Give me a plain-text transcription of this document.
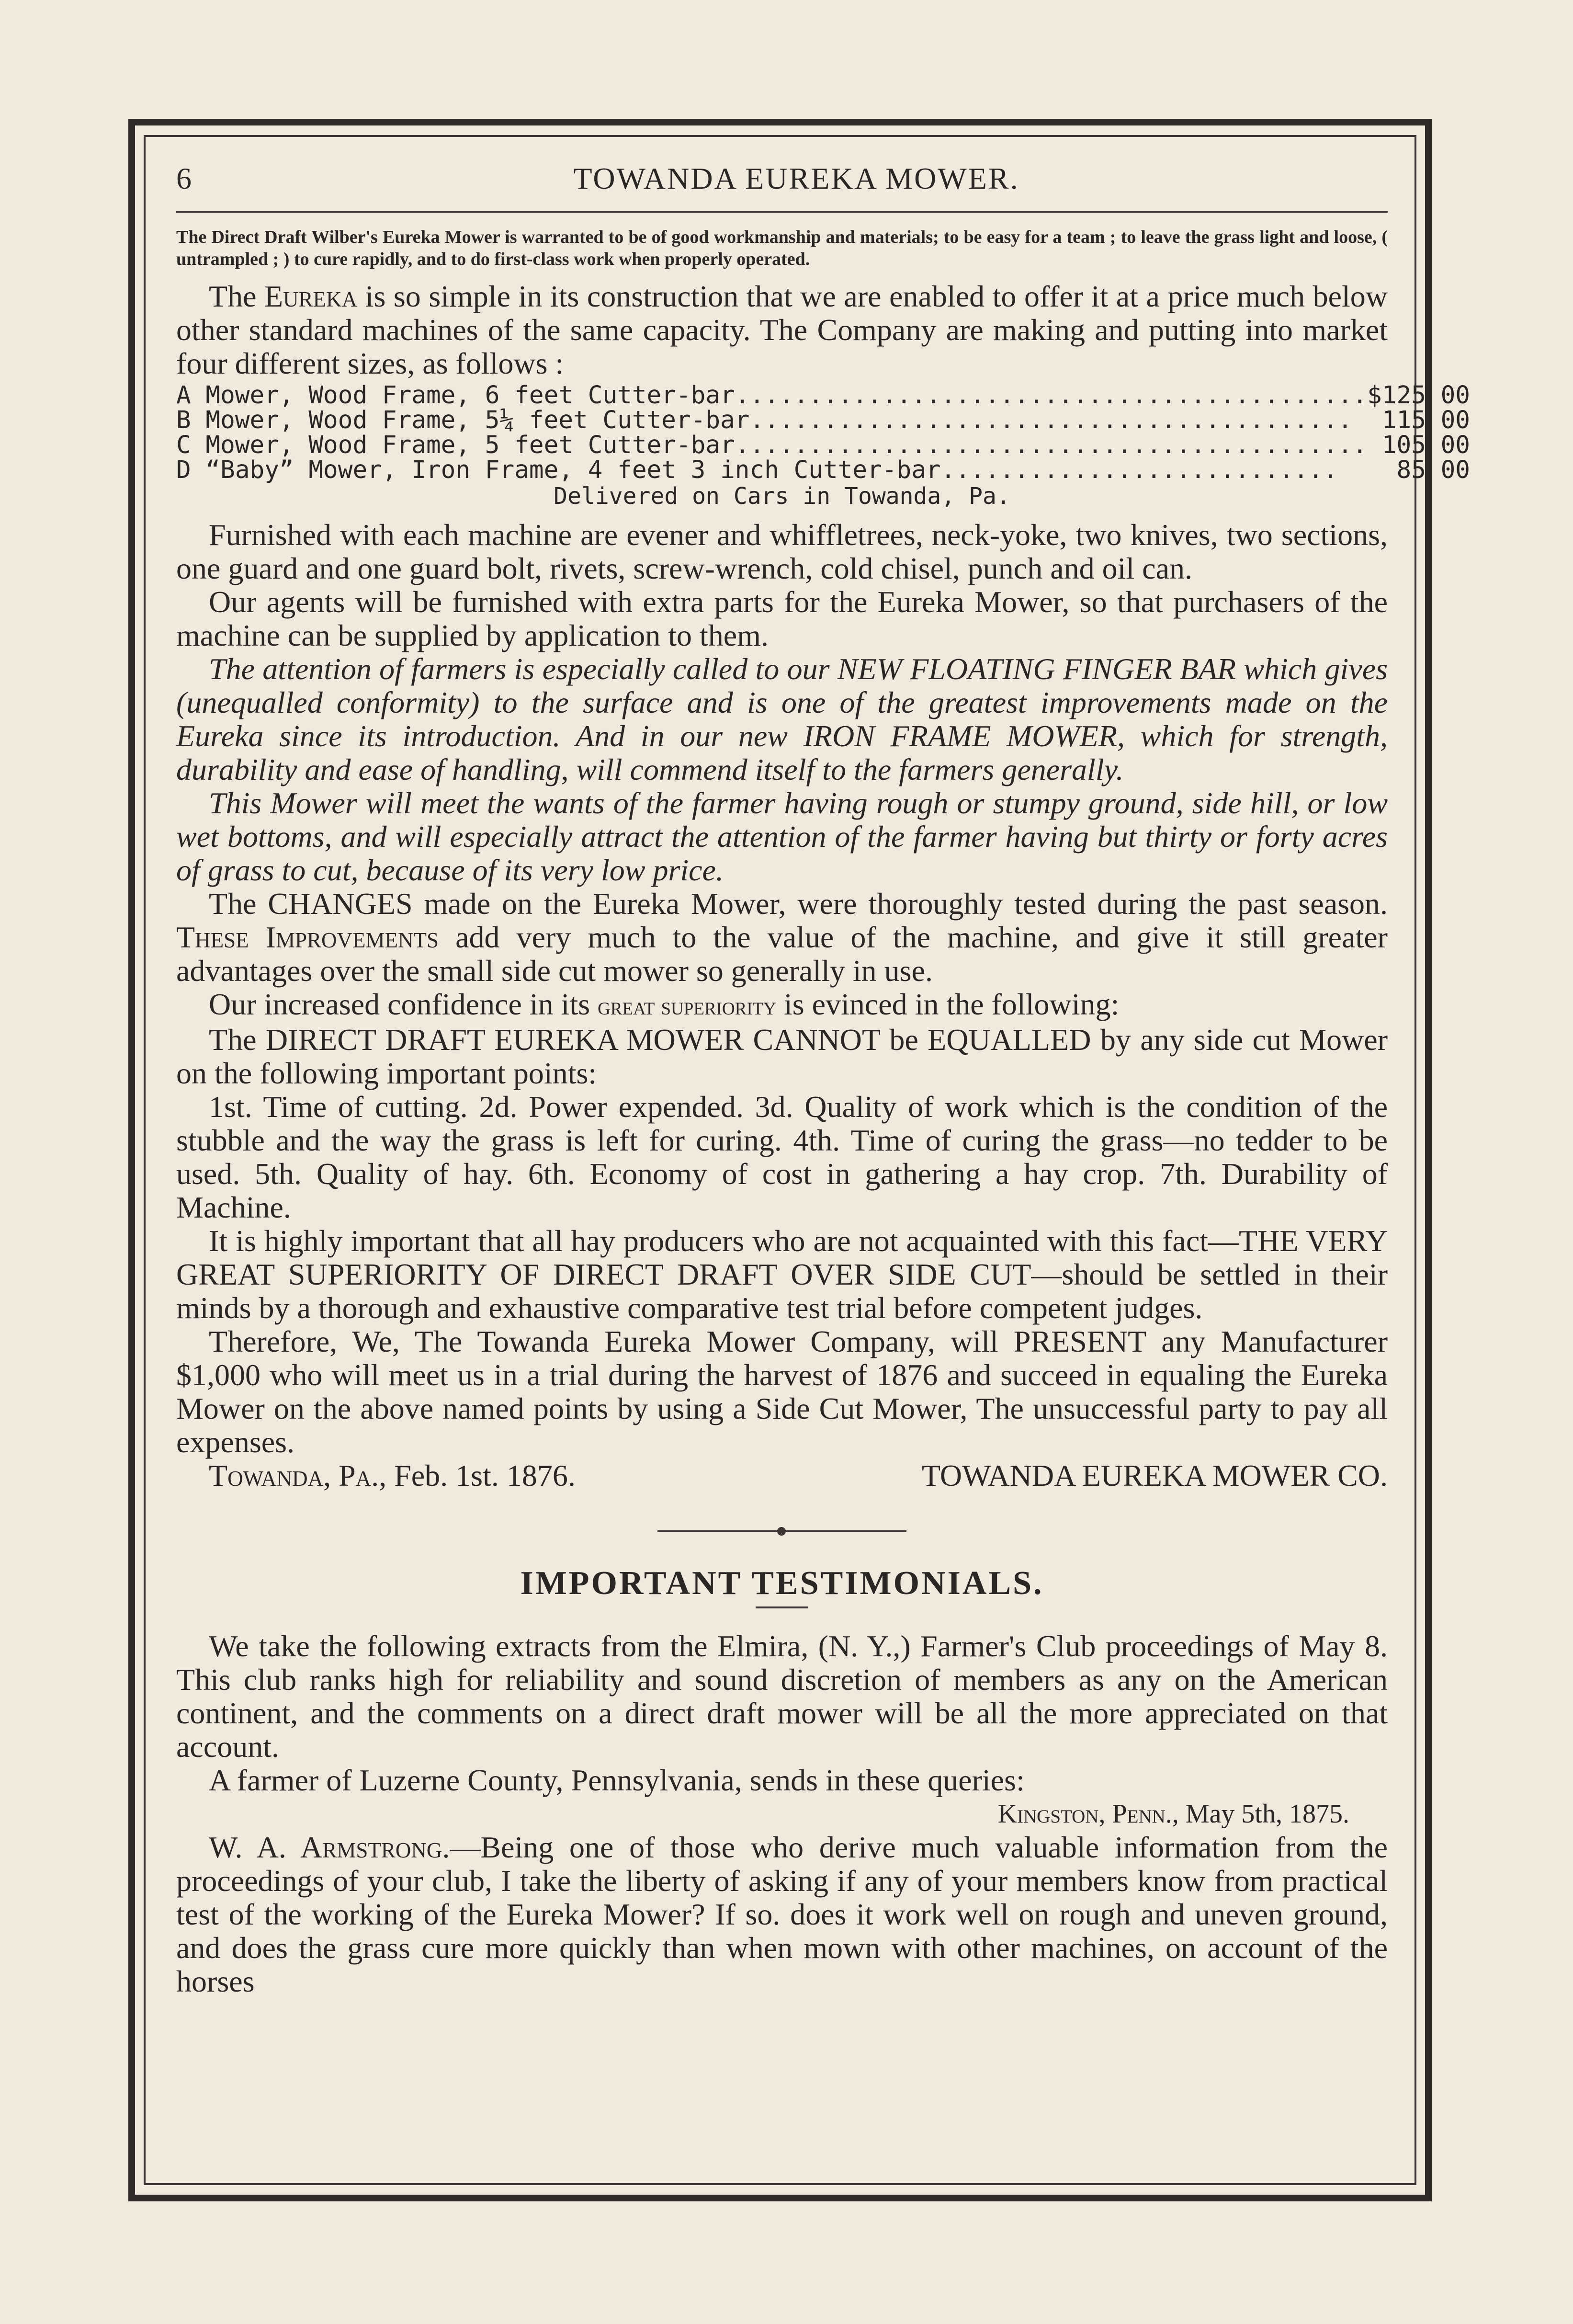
6	TOWANDA EUREKA MOWER.
The Direct Draft Wilber's Eureka Mower is warranted to be of good workmanship and materials; to be easy for a team ; to leave the grass light and loose, ( untrampled ; ) to cure rapidly, and to do first-class work when properly operated.

The Eureka is so simple in its construction that we are enabled to offer it at a price much below other standard machines of the same capacity. The Company are making and putting into market four different sizes, as follows :

A Mower, Wood Frame, 6 feet Cutter-bar...........................................	$125 00
B Mower, Wood Frame, 5¼ feet Cutter-bar.........................................	115 00
C Mower, Wood Frame, 5 feet Cutter-bar...........................................	105 00
D “Baby” Mower, Iron Frame, 4 feet 3 inch Cutter-bar...........................	85 00
Delivered on Cars in Towanda, Pa.

Furnished with each machine are evener and whiffletrees, neck-yoke, two knives, two sections, one guard and one guard bolt, rivets, screw-wrench, cold chisel, punch and oil can.

Our agents will be furnished with extra parts for the Eureka Mower, so that purchasers of the machine can be supplied by application to them.

The attention of farmers is especially called to our NEW FLOATING FINGER BAR which gives (unequalled conformity) to the surface and is one of the greatest improvements made on the Eureka since its introduction. And in our new IRON FRAME MOWER, which for strength, durability and ease of handling, will commend itself to the farmers generally.

This Mower will meet the wants of the farmer having rough or stumpy ground, side hill, or low wet bottoms, and will especially attract the attention of the farmer having but thirty or forty acres of grass to cut, because of its very low price.

The CHANGES made on the Eureka Mower, were thoroughly tested during the past season. These Improvements add very much to the value of the machine, and give it still greater advantages over the small side cut mower so generally in use.

Our increased confidence in its great superiority is evinced in the following:

The DIRECT DRAFT EUREKA MOWER CANNOT be EQUALLED by any side cut Mower on the following important points:

1st. Time of cutting. 2d. Power expended. 3d. Quality of work which is the condition of the stubble and the way the grass is left for curing. 4th. Time of curing the grass—no tedder to be used. 5th. Quality of hay. 6th. Economy of cost in gathering a hay crop. 7th. Durability of Machine.

It is highly important that all hay producers who are not acquainted with this fact—THE VERY GREAT SUPERIORITY OF DIRECT DRAFT OVER SIDE CUT—should be settled in their minds by a thorough and exhaustive comparative test trial before competent judges.

Therefore, We, The Towanda Eureka Mower Company, will PRESENT any Manufacturer $1,000 who will meet us in a trial during the harvest of 1876 and succeed in equaling the Eureka Mower on the above named points by using a Side Cut Mower, The unsuccessful party to pay all expenses.

Towanda, Pa., Feb. 1st. 1876.	TOWANDA EUREKA MOWER CO.
IMPORTANT TESTIMONIALS.

We take the following extracts from the Elmira, (N. Y.,) Farmer's Club proceedings of May 8. This club ranks high for reliability and sound discretion of members as any on the American continent, and the comments on a direct draft mower will be all the more appreciated on that account.

A farmer of Luzerne County, Pennsylvania, sends in these queries:

Kingston, Penn., May 5th, 1875.

W. A. Armstrong.—Being one of those who derive much valuable information from the proceedings of your club, I take the liberty of asking if any of your members know from practical test of the working of the Eureka Mower? If so. does it work well on rough and uneven ground, and does the grass cure more quickly than when mown with other machines, on account of the horses
